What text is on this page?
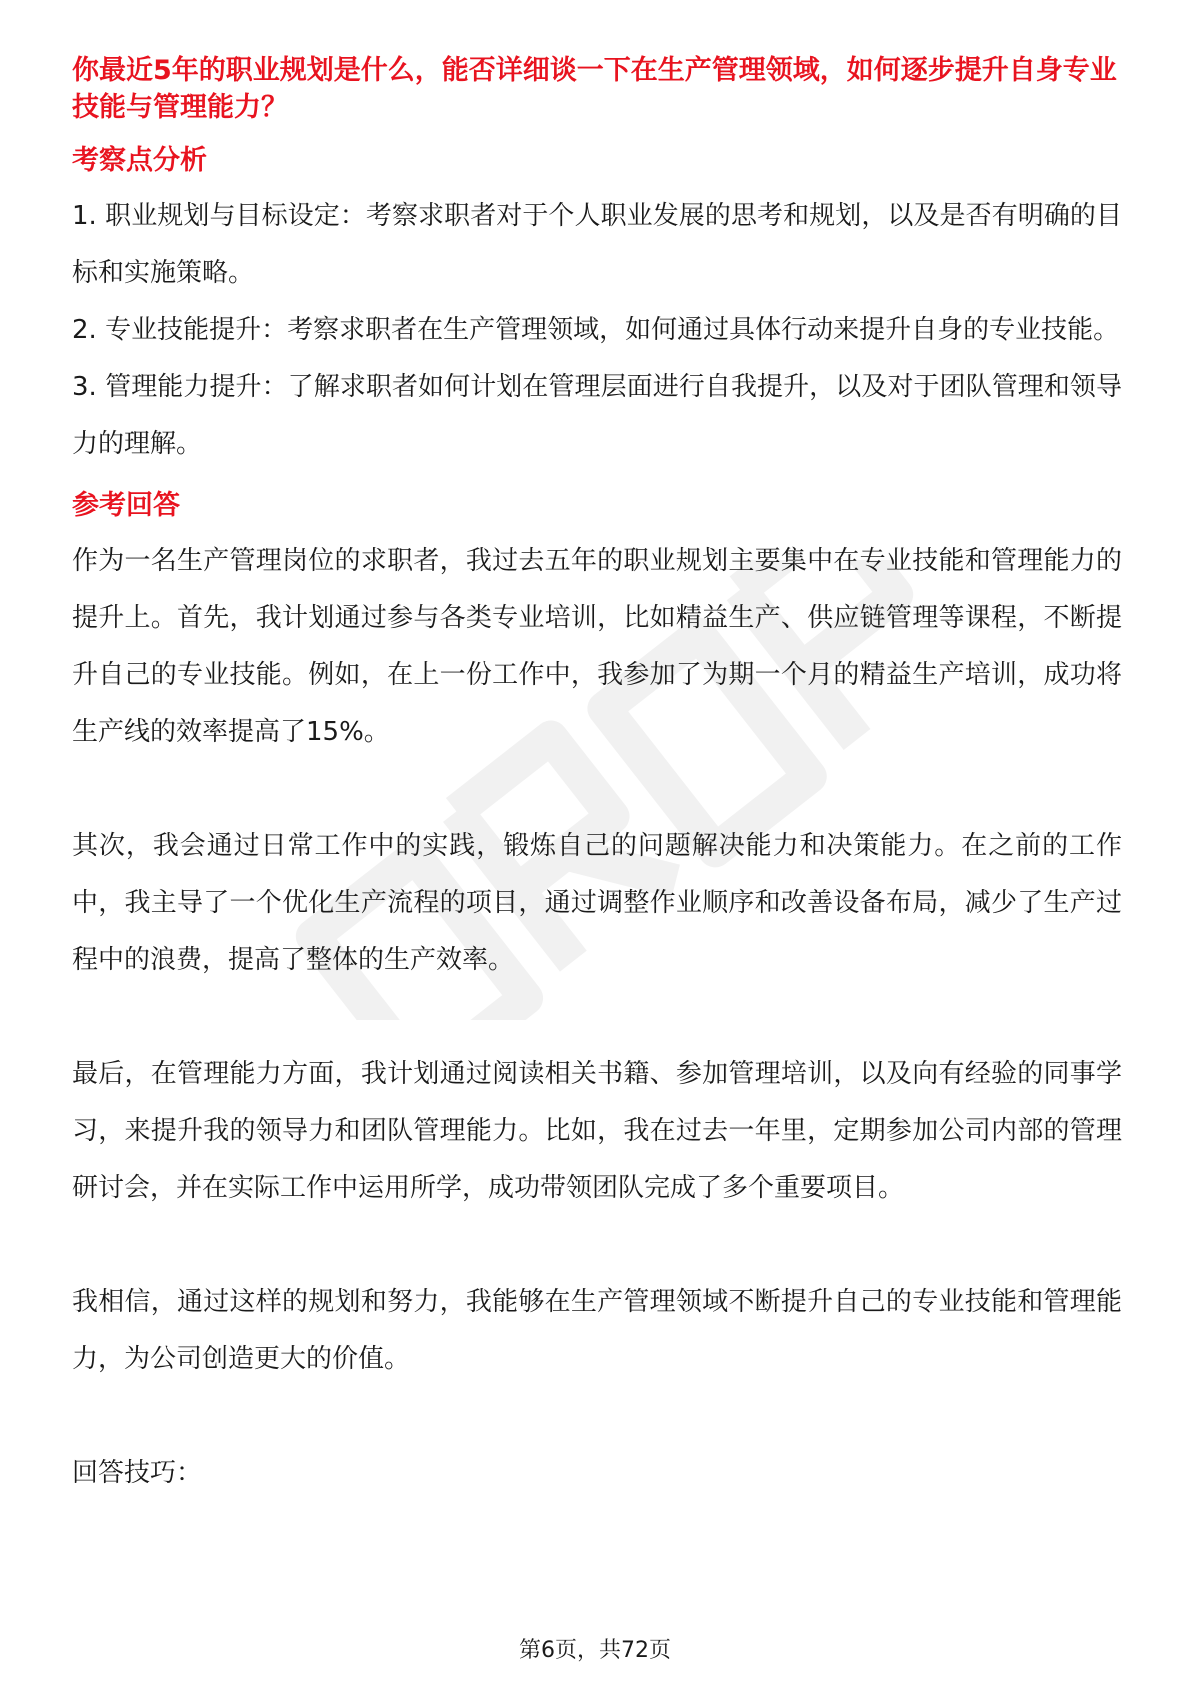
你最近5年的职业规划是什么，能否详细谈一下在生产管理领域，如何逐步提升自身专业技能与管理能力？

考察点分析

1. 职业规划与目标设定：考察求职者对于个人职业发展的思考和规划，以及是否有明确的目标和实施策略。

2. 专业技能提升：考察求职者在生产管理领域，如何通过具体行动来提升自身的专业技能。

3. 管理能力提升：了解求职者如何计划在管理层面进行自我提升，以及对于团队管理和领导力的理解。

参考回答

作为一名生产管理岗位的求职者，我过去五年的职业规划主要集中在专业技能和管理能力的提升上。首先，我计划通过参与各类专业培训，比如精益生产、供应链管理等课程，不断提升自己的专业技能。例如，在上一份工作中，我参加了为期一个月的精益生产培训，成功将生产线的效率提高了15%。

其次，我会通过日常工作中的实践，锻炼自己的问题解决能力和决策能力。在之前的工作中，我主导了一个优化生产流程的项目，通过调整作业顺序和改善设备布局，减少了生产过程中的浪费，提高了整体的生产效率。

最后，在管理能力方面，我计划通过阅读相关书籍、参加管理培训，以及向有经验的同事学习，来提升我的领导力和团队管理能力。比如，我在过去一年里，定期参加公司内部的管理研讨会，并在实际工作中运用所学，成功带领团队完成了多个重要项目。

我相信，通过这样的规划和努力，我能够在生产管理领域不断提升自己的专业技能和管理能力，为公司创造更大的价值。

回答技巧：

第6页，共72页
